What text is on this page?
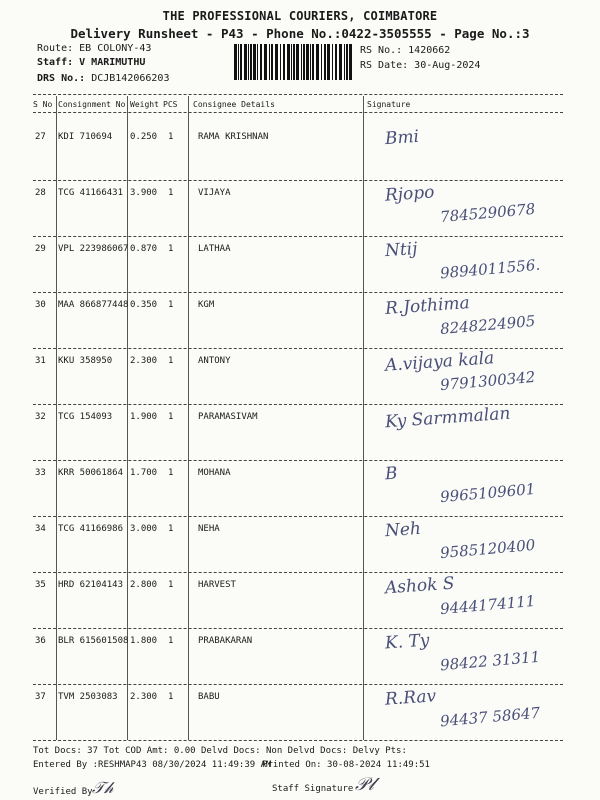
THE PROFESSIONAL COURIERS, COIMBATORE
Delivery Runsheet - P43 - Phone No.:0422-3505555 - Page No.:3
Route: EB COLONY-43
Staff: V MARIMUTHU
DRS No.: DCJB142066203
RS No.: 1420662
RS Date: 30-Aug-2024
S No Consignment No Weight PCS Consignee Details	Signature
27 KDI 710694 0.250 1	RAMA KRISHNAN	Bmi
28 TCG 41166431 3.900 1	VIJAYA	Rjopo
7845290678
29 VPL 223986067 0.870 1	LATHAA	Ntij
9894011556.
30 MAA 866877448 0.350 1	KGM	R.Jothima
8248224905
31 KKU 358950 2.300 1	ANTONY	A.vijaya kala
9791300342
32 TCG 154093 1.900 1	PARAMASIVAM	Ky Sarmmalan
33 KRR 50061864 1.700 1	MOHANA	B
9965109601
34 TCG 41166986 3.000 1	NEHA	Neh
9585120400
35 HRD 62104143 2.800 1	HARVEST	Ashok S
9444174111
36 BLR 615601508 1.800 1	PRABAKARAN	K. Ty
98422 31311
37 TVM 2503083 2.300 1	BABU	R.Rav
94437 58647
Tot Docs: 37 Tot COD Amt: 0.00 Delvd Docs: Non Delvd Docs: Delvy Pts:
Entered By :RESHMAP43 08/30/2024 11:49:39 AM
Printed On: 30-08-2024 11:49:51
Verified By 𝒯𝒽	Staff Signature 𝒫𝓁
